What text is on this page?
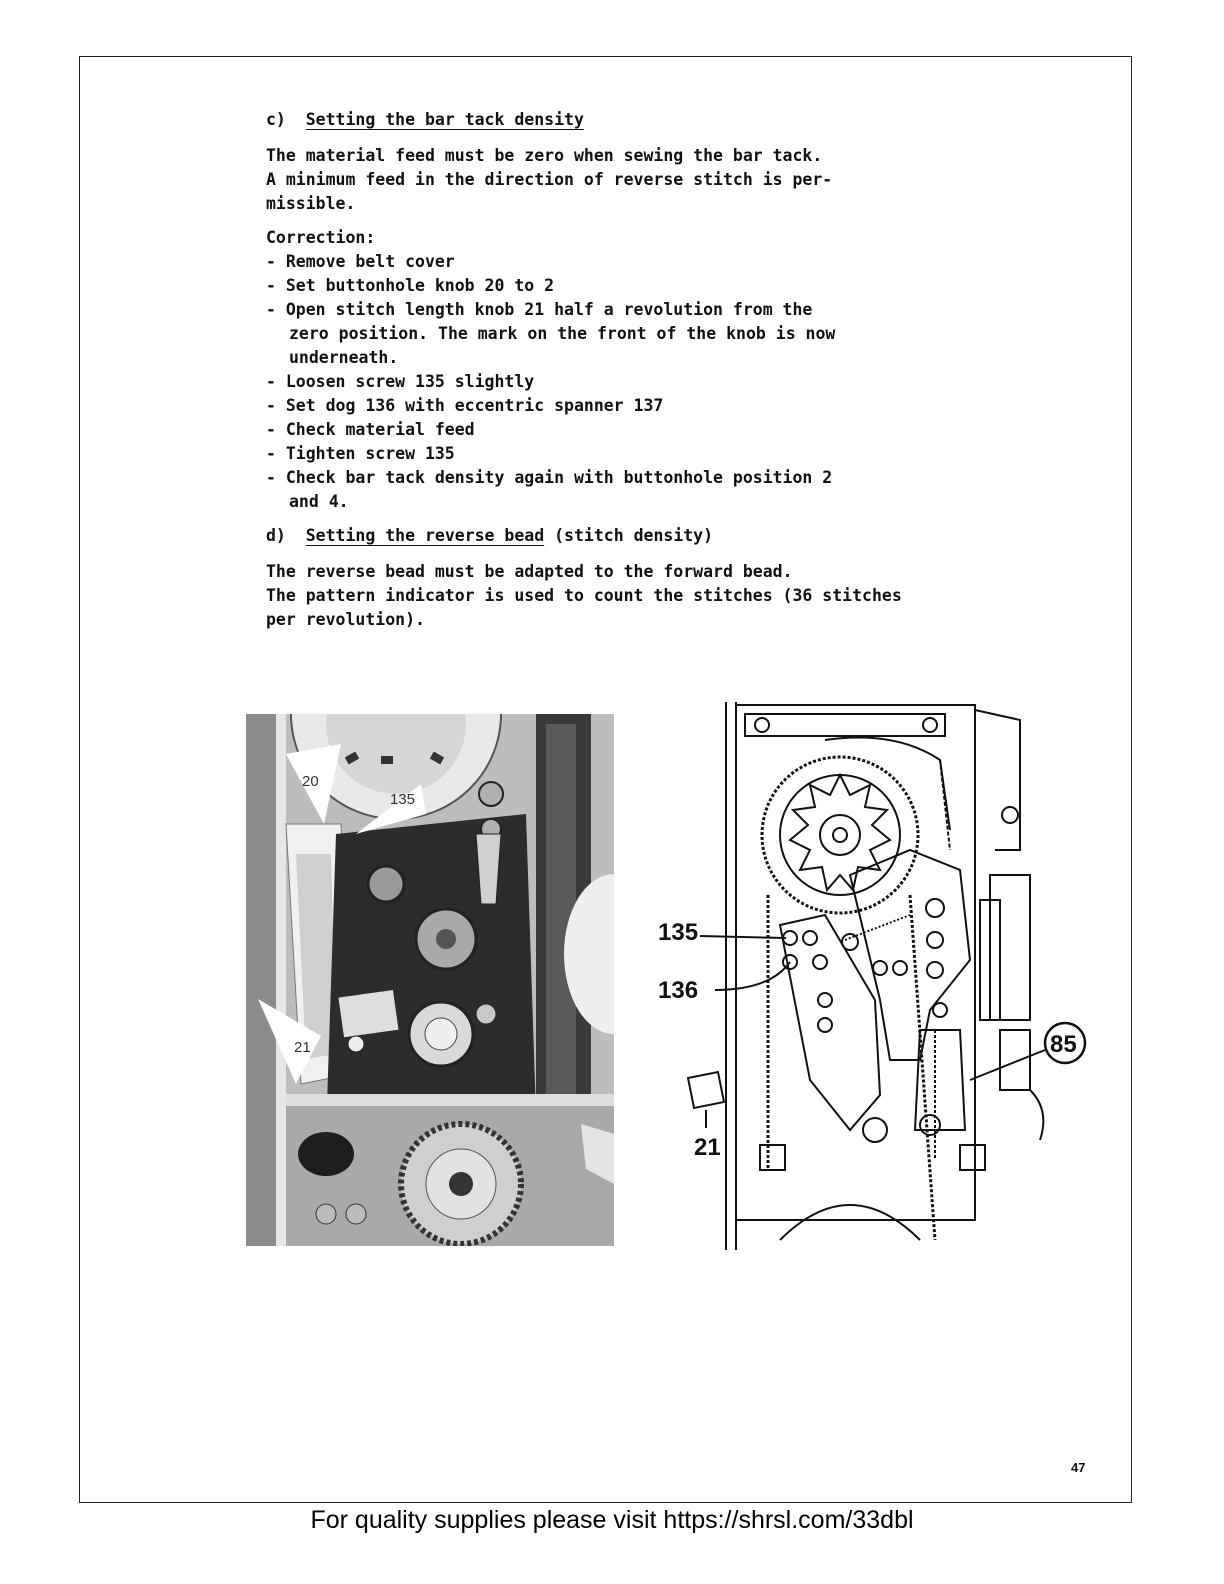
c) Setting the bar tack density
The material feed must be zero when sewing the bar tack.
A minimum feed in the direction of reverse stitch is per-
missible.
Correction:
- Remove belt cover
- Set buttonhole knob 20 to 2
- Open stitch length knob 21 half a revolution from the
zero position. The mark on the front of the knob is now
underneath.
- Loosen screw 135 slightly
- Set dog 136 with eccentric spanner 137
- Check material feed
- Tighten screw 135
- Check bar tack density again with buttonhole position 2
and 4.
d) Setting the reverse bead (stitch density)
The reverse bead must be adapted to the forward bead.
The pattern indicator is used to count the stitches (36 stitches
per revolution).
20
135
21
135
136
21
85
47
For quality supplies please visit https://shrsl.com/33dbl
